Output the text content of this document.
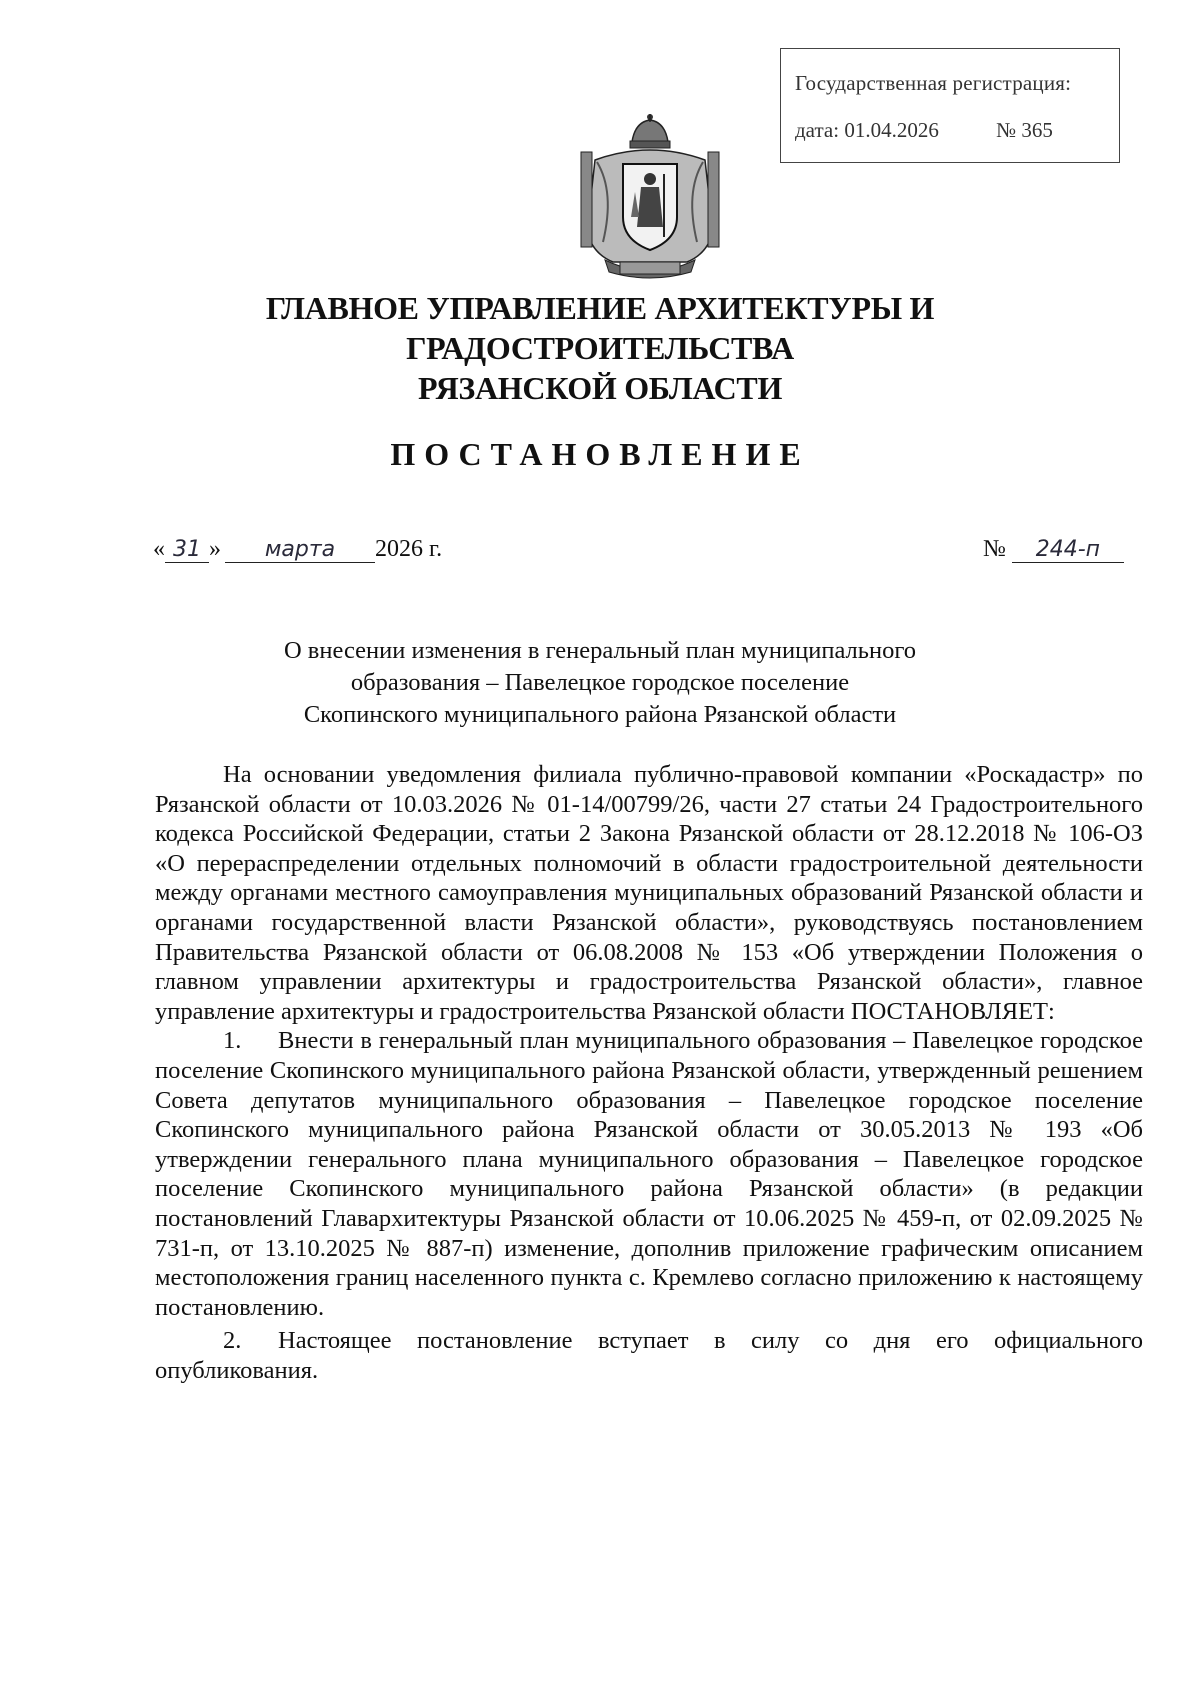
Государственная регистрация:
дата: 01.04.2026	№ 365
ГЛАВНОЕ УПРАВЛЕНИЕ АРХИТЕКТУРЫ И ГРАДОСТРОИТЕЛЬСТВА
РЯЗАНСКОЙ ОБЛАСТИ
ПОСТАНОВЛЕНИЕ
« 31 » марта 2026 г.	№ 244-п
О внесении изменения в генеральный план муниципального
образования – Павелецкое городское поселение
Скопинского муниципального района Рязанской области

На основании уведомления филиала публично-правовой компании «Роскадастр» по Рязанской области от 10.03.2026 № 01-14/00799/26, части 27 статьи 24 Градостроительного кодекса Российской Федерации, статьи 2 Закона Рязанской области от 28.12.2018 № 106-ОЗ «О перераспределении отдельных полномочий в области градостроительной деятельности между органами местного самоуправления муниципальных образований Рязанской области и органами государственной власти Рязанской области», руководствуясь постановлением Правительства Рязанской области от 06.08.2008 № 153 «Об утверждении Положения о главном управлении архитектуры и градостроительства Рязанской области», главное управление архитектуры и градостроительства Рязанской области ПОСТАНОВЛЯЕТ:

1. Внести в генеральный план муниципального образования – Павелецкое городское поселение Скопинского муниципального района Рязанской области, утвержденный решением Совета депутатов муниципального образования – Павелецкое городское поселение Скопинского муниципального района Рязанской области от 30.05.2013 № 193 «Об утверждении генерального плана муниципального образования – Павелецкое городское поселение Скопинского муниципального района Рязанской области» (в редакции постановлений Главархитектуры Рязанской области от 10.06.2025 № 459-п, от 02.09.2025 № 731-п, от 13.10.2025 № 887-п) изменение, дополнив приложение графическим описанием местоположения границ населенного пункта с. Кремлево согласно приложению к настоящему постановлению.

2. Настоящее постановление вступает в силу со дня его официального опубликования.
